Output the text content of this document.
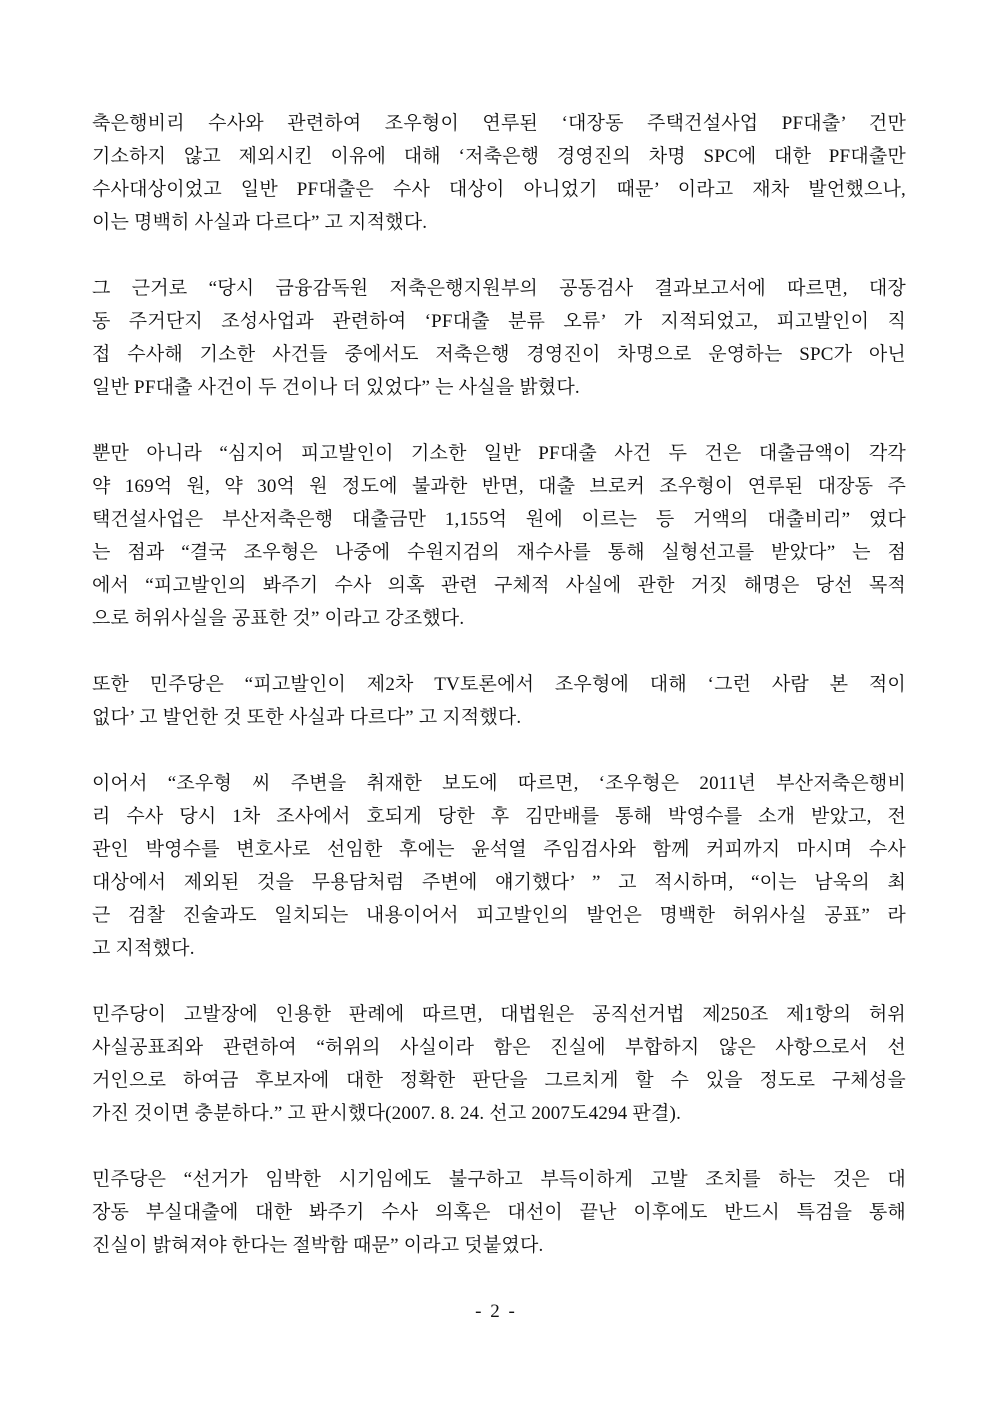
축은행비리 수사와 관련하여 조우형이 연루된 ‘대장동 주택건설사업 PF대출’ 건만
기소하지 않고 제외시킨 이유에 대해 ‘저축은행 경영진의 차명 SPC에 대한 PF대출만
수사대상이었고 일반 PF대출은 수사 대상이 아니었기 때문’ 이라고 재차 발언했으나,
이는 명백히 사실과 다르다” 고 지적했다.
그 근거로 “당시 금융감독원 저축은행지원부의 공동검사 결과보고서에 따르면, 대장
동 주거단지 조성사업과 관련하여 ‘PF대출 분류 오류’ 가 지적되었고, 피고발인이 직
접 수사해 기소한 사건들 중에서도 저축은행 경영진이 차명으로 운영하는 SPC가 아닌
일반 PF대출 사건이 두 건이나 더 있었다” 는 사실을 밝혔다.
뿐만 아니라 “심지어 피고발인이 기소한 일반 PF대출 사건 두 건은 대출금액이 각각
약 169억 원, 약 30억 원 정도에 불과한 반면, 대출 브로커 조우형이 연루된 대장동 주
택건설사업은 부산저축은행 대출금만 1,155억 원에 이르는 등 거액의 대출비리” 였다
는 점과 “결국 조우형은 나중에 수원지검의 재수사를 통해 실형선고를 받았다” 는 점
에서 “피고발인의 봐주기 수사 의혹 관련 구체적 사실에 관한 거짓 해명은 당선 목적
으로 허위사실을 공표한 것” 이라고 강조했다.
또한 민주당은 “피고발인이 제2차 TV토론에서 조우형에 대해 ‘그런 사람 본 적이
없다’ 고 발언한 것 또한 사실과 다르다” 고 지적했다.
이어서 “조우형 씨 주변을 취재한 보도에 따르면, ‘조우형은 2011년 부산저축은행비
리 수사 당시 1차 조사에서 호되게 당한 후 김만배를 통해 박영수를 소개 받았고, 전
관인 박영수를 변호사로 선임한 후에는 윤석열 주임검사와 함께 커피까지 마시며 수사
대상에서 제외된 것을 무용담처럼 주변에 얘기했다’ ” 고 적시하며, “이는 남욱의 최
근 검찰 진술과도 일치되는 내용이어서 피고발인의 발언은 명백한 허위사실 공표” 라
고 지적했다.
민주당이 고발장에 인용한 판례에 따르면, 대법원은 공직선거법 제250조 제1항의 허위
사실공표죄와 관련하여 “허위의 사실이라 함은 진실에 부합하지 않은 사항으로서 선
거인으로 하여금 후보자에 대한 정확한 판단을 그르치게 할 수 있을 정도로 구체성을
가진 것이면 충분하다.” 고 판시했다(2007. 8. 24. 선고 2007도4294 판결).
민주당은 “선거가 임박한 시기임에도 불구하고 부득이하게 고발 조치를 하는 것은 대
장동 부실대출에 대한 봐주기 수사 의혹은 대선이 끝난 이후에도 반드시 특검을 통해
진실이 밝혀져야 한다는 절박함 때문” 이라고 덧붙였다.
- 2 -
